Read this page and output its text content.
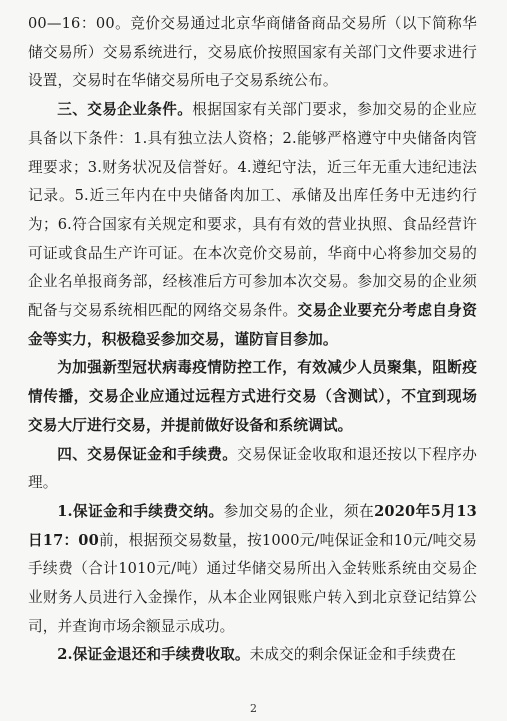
00—16：00。竞价交易通过北京华商储备商品交易所（以下简称华储交易所）交易系统进行，交易底价按照国家有关部门文件要求进行设置，交易时在华储交易所电子交易系统公布。

三、交易企业条件。根据国家有关部门要求，参加交易的企业应具备以下条件：1.具有独立法人资格；2.能够严格遵守中央储备肉管理要求；3.财务状况及信誉好。4.遵纪守法，近三年无重大违纪违法记录。5.近三年内在中央储备肉加工、承储及出库任务中无违约行为；6.符合国家有关规定和要求，具有有效的营业执照、食品经营许可证或食品生产许可证。在本次竞价交易前，华商中心将参加交易的企业名单报商务部，经核准后方可参加本次交易。参加交易的企业须配备与交易系统相匹配的网络交易条件。交易企业要充分考虑自身资金等实力，积极稳妥参加交易，谨防盲目参加。

为加强新型冠状病毒疫情防控工作，有效减少人员聚集，阻断疫情传播，交易企业应通过远程方式进行交易（含测试），不宜到现场交易大厅进行交易，并提前做好设备和系统调试。

四、交易保证金和手续费。交易保证金收取和退还按以下程序办理。

1.保证金和手续费交纳。参加交易的企业，须在2020年5月13日17：00前，根据预交易数量，按1000元/吨保证金和10元/吨交易手续费（合计1010元/吨）通过华储交易所出入金转账系统由交易企业财务人员进行入金操作，从本企业网银账户转入到北京登记结算公司，并查询市场余额显示成功。

2.保证金退还和手续费收取。未成交的剩余保证金和手续费在

2
